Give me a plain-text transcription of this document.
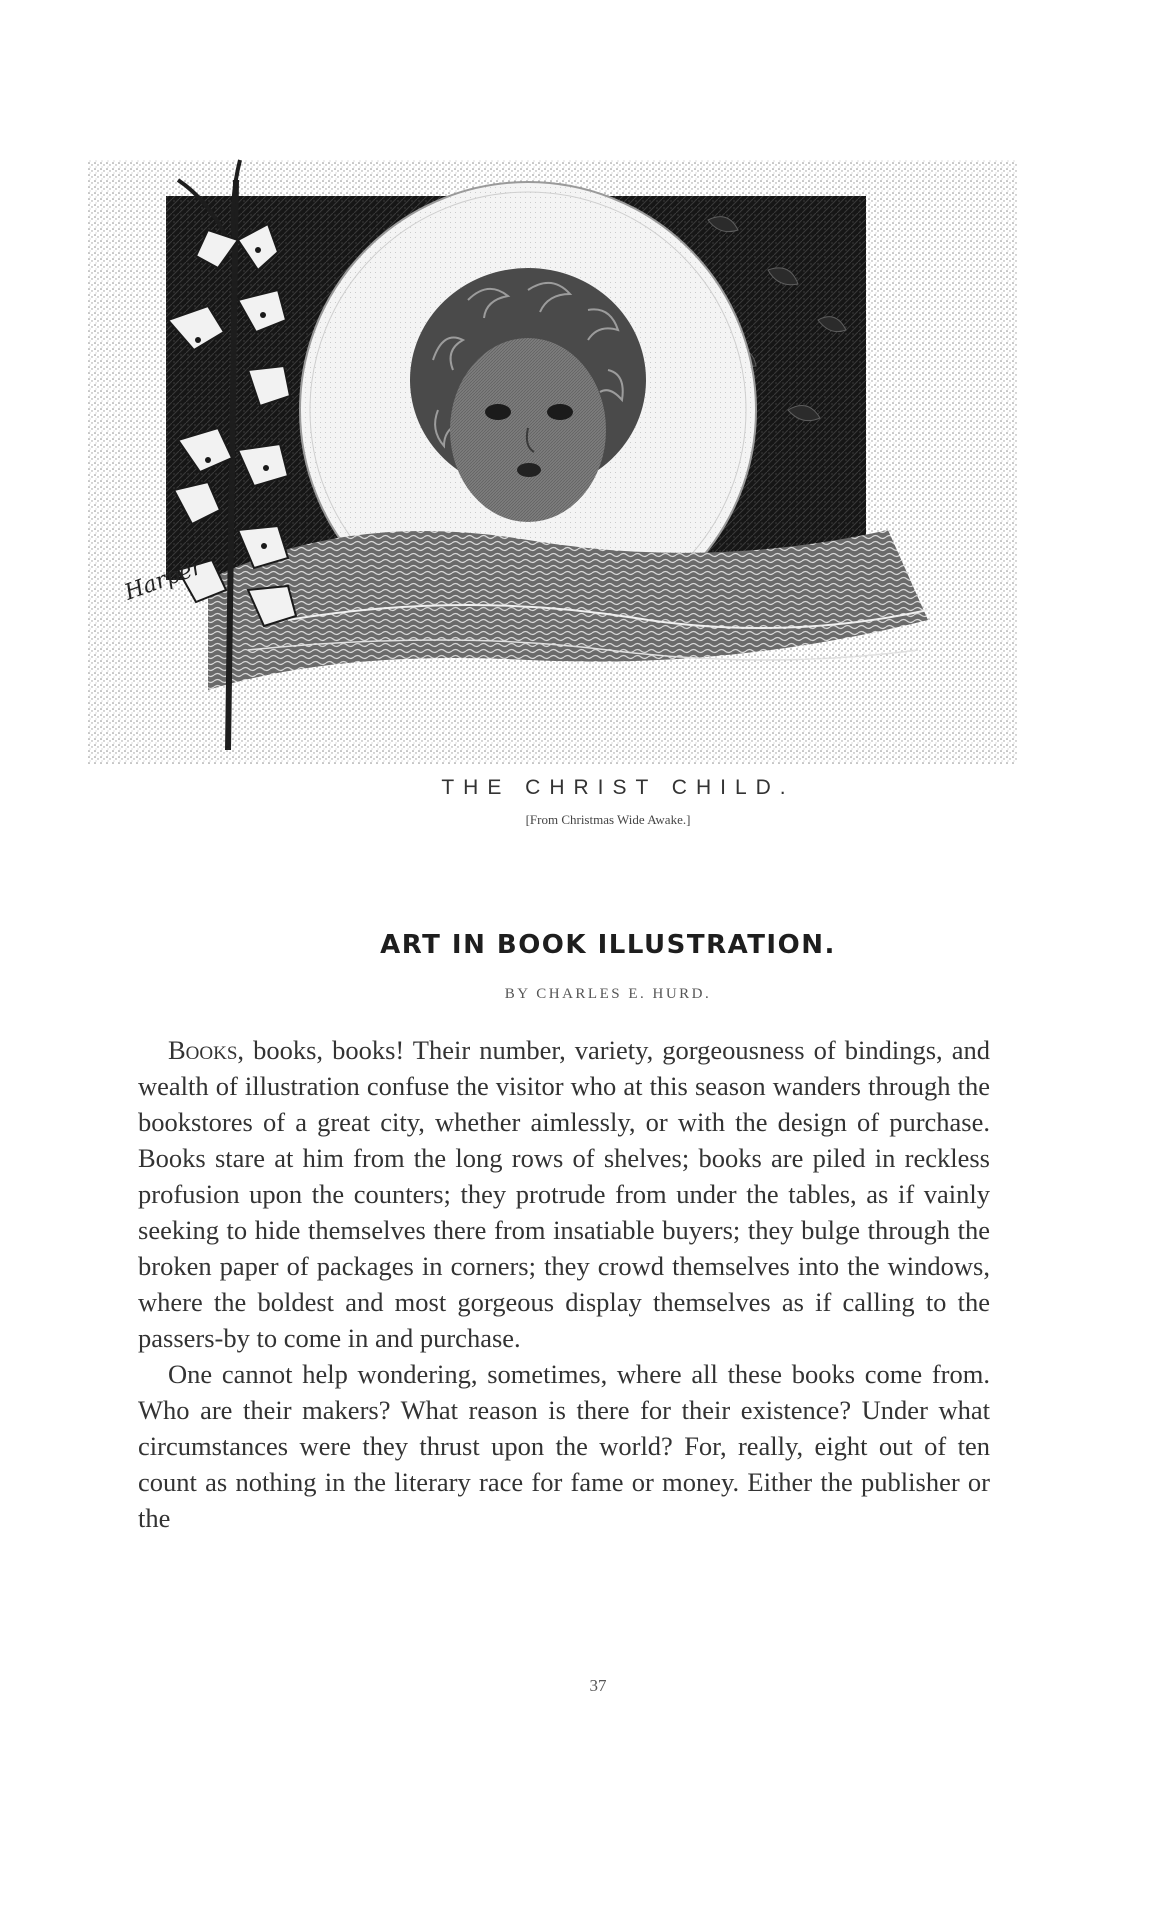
Harper
THE CHRIST CHILD.
[From Christmas Wide Awake.]
ART IN BOOK ILLUSTRATION.
BY CHARLES E. HURD.

Books, books, books! Their number, variety, gorgeousness of bindings, and wealth of illustration confuse the visitor who at this season wanders through the bookstores of a great city, whether aimlessly, or with the design of purchase. Books stare at him from the long rows of shelves; books are piled in reckless profusion upon the counters; they protrude from under the tables, as if vainly seeking to hide themselves there from insatiable buyers; they bulge through the broken paper of packages in corners; they crowd themselves into the windows, where the boldest and most gorgeous display themselves as if calling to the passers-by to come in and purchase.

One cannot help wondering, sometimes, where all these books come from. Who are their makers? What reason is there for their existence? Under what circumstances were they thrust upon the world? For, really, eight out of ten count as nothing in the literary race for fame or money. Either the publisher or the

37
